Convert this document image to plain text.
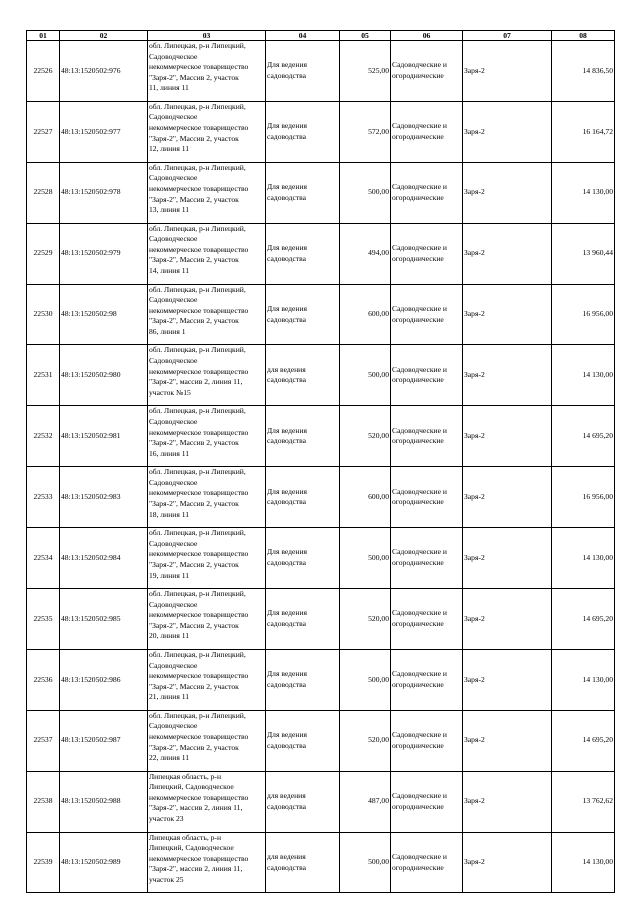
01	02	03	04	05	06	07	08
22526	48:13:1520502:976	обл. Липецкая, р-н Липецкий,
Садоводческое
некоммерческое товарищество
"Заря-2", Массив 2, участок
11, линия 11	Для ведения садоводства	525,00	Садоводческие и огороднические	Заря-2	14 836,50
22527	48:13:1520502:977	обл. Липецкая, р-н Липецкий,
Садоводческое
некоммерческое товарищество
"Заря-2", Массив 2, участок
12, линия 11	Для ведения садоводства	572,00	Садоводческие и огороднические	Заря-2	16 164,72
22528	48:13:1520502:978	обл. Липецкая, р-н Липецкий,
Садоводческое
некоммерческое товарищество
"Заря-2", Массив 2, участок
13, линия 11	Для ведения садоводства	500,00	Садоводческие и огороднические	Заря-2	14 130,00
22529	48:13:1520502:979	обл. Липецкая, р-н Липецкий,
Садоводческое
некоммерческое товарищество
"Заря-2", Массив 2, участок
14, линия 11	Для ведения садоводства	494,00	Садоводческие и огороднические	Заря-2	13 960,44
22530	48:13:1520502:98	обл. Липецкая, р-н Липецкий,
Садоводческое
некоммерческое товарищество
"Заря-2", Массив 2, участок
86, линия 1	Для ведения садоводства	600,00	Садоводческие и огороднические	Заря-2	16 956,00
22531	48:13:1520502:980	обл. Липецкая, р-н Липецкий,
Садоводческое
некоммерческое товарищество
"Заря-2", массив 2, линия 11,
участок №15	для ведения садоводства	500,00	Садоводческие и огороднические	Заря-2	14 130,00
22532	48:13:1520502:981	обл. Липецкая, р-н Липецкий,
Садоводческое
некоммерческое товарищество
"Заря-2", Массив 2, участок
16, линия 11	Для ведения садоводства	520,00	Садоводческие и огороднические	Заря-2	14 695,20
22533	48:13:1520502:983	обл. Липецкая, р-н Липецкий,
Садоводческое
некоммерческое товарищество
"Заря-2", Массив 2, участок
18, линия 11	Для ведения садоводства	600,00	Садоводческие и огороднические	Заря-2	16 956,00
22534	48:13:1520502:984	обл. Липецкая, р-н Липецкий,
Садоводческое
некоммерческое товарищество
"Заря-2", Массив 2, участок
19, линия 11	Для ведения садоводства	500,00	Садоводческие и огороднические	Заря-2	14 130,00
22535	48:13:1520502:985	обл. Липецкая, р-н Липецкий,
Садоводческое
некоммерческое товарищество
"Заря-2", Массив 2, участок
20, линия 11	Для ведения садоводства	520,00	Садоводческие и огороднические	Заря-2	14 695,20
22536	48:13:1520502:986	обл. Липецкая, р-н Липецкий,
Садоводческое
некоммерческое товарищество
"Заря-2", Массив 2, участок
21, линия 11	Для ведения садоводства	500,00	Садоводческие и огороднические	Заря-2	14 130,00
22537	48:13:1520502:987	обл. Липецкая, р-н Липецкий,
Садоводческое
некоммерческое товарищество
"Заря-2", Массив 2, участок
22, линия 11	Для ведения садоводства	520,00	Садоводческие и огороднические	Заря-2	14 695,20
22538	48:13:1520502:988	Липецкая область, р-н
Липецкий, Садоводческое
некоммерческое товарищество
"Заря-2", массив 2, линия 11,
участок 23	для ведения садоводства	487,00	Садоводческие и огороднические	Заря-2	13 762,62
22539	48:13:1520502:989	Липецкая область, р-н
Липецкий, Садоводческое
некоммерческое товарищество
"Заря-2", массив 2, линия 11,
участок 25	для ведения садоводства	500,00	Садоводческие и огороднические	Заря-2	14 130,00
